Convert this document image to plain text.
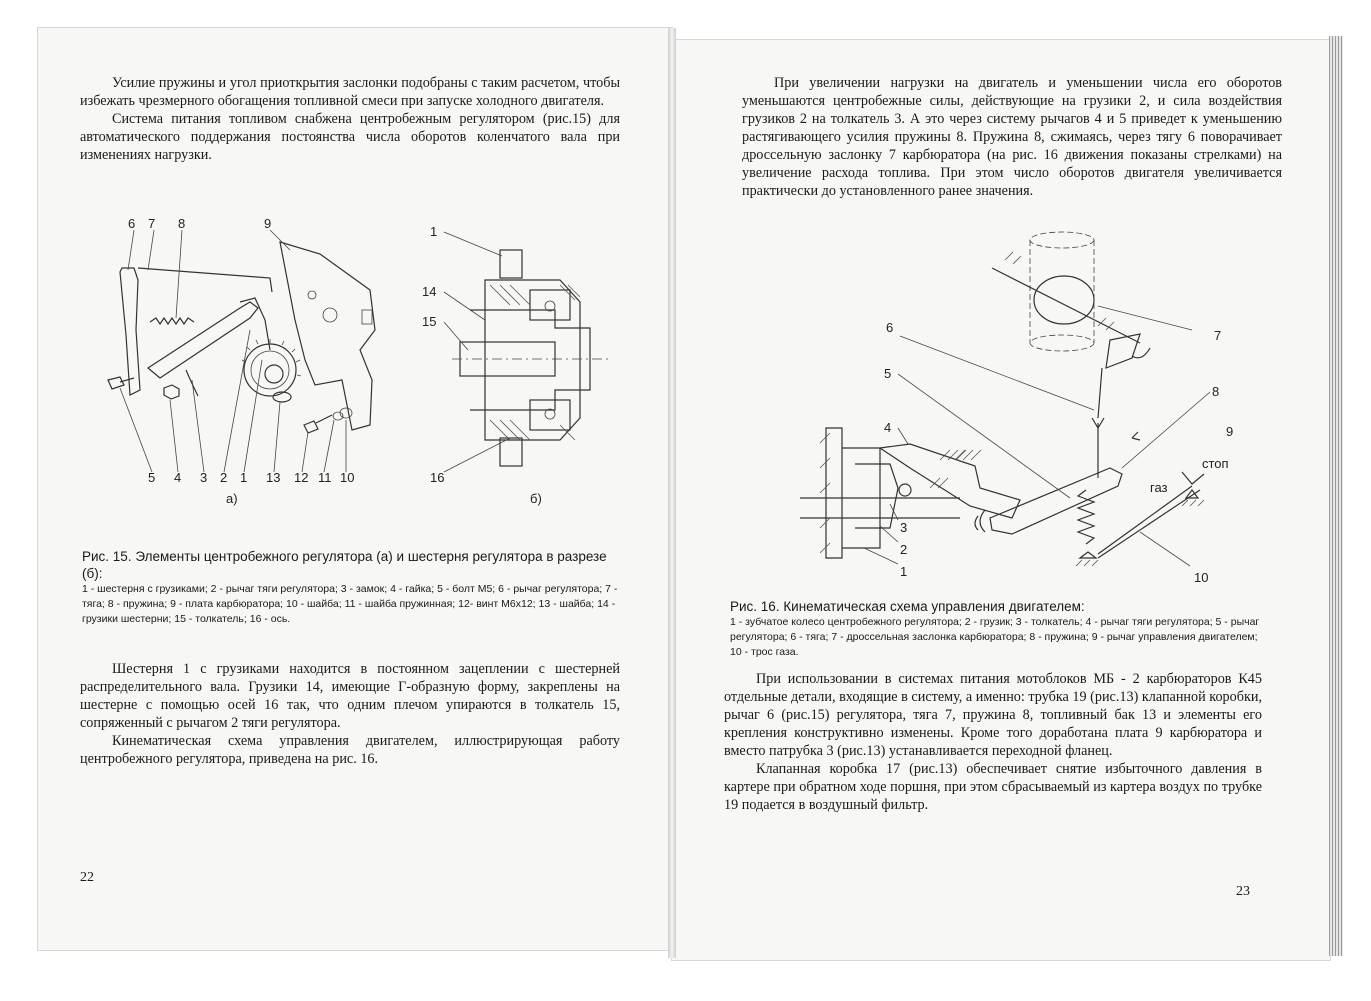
Усилие пружины и угол приоткрытия заслонки подобраны с таким расчетом, чтобы избежать чрезмерного обогащения топливной смеси при запуске холодного двигателя.

Система питания топливом снабжена центробежным регулятором (рис.15) для автоматического поддержания постоянства числа оборотов коленчатого вала при изменениях нагрузки.

6 7 8	9
5 4 3 2 1 13 12 11 10
а)
1
14
15
16
б)

Рис. 15. Элементы центробежного регулятора (а) и шестерня регулятора в разрезе (б):

1 - шестерня с грузиками; 2 - рычаг тяги регулятора; 3 - замок; 4 - гайка; 5 - болт М5; 6 - рычаг регулятора; 7 - тяга; 8 - пружина; 9 - плата карбюратора; 10 - шайба; 11 - шайба пружинная; 12- винт М6х12; 13 - шайба; 14 - грузики шестерни; 15 - толкатель; 16 - ось.

Шестерня 1 с грузиками находится в постоянном зацеплении с шестерней распределительного вала. Грузики 14, имеющие Г-образную форму, закреплены на шестерне с помощью осей 16 так, что одним плечом упираются в толкатель 15, сопряженный с рычагом 2 тяги регулятора.

Кинематическая схема управления двигателем, иллюстрирующая работу центробежного регулятора, приведена на рис. 16.

22

При увеличении нагрузки на двигатель и уменьшении числа его оборотов уменьшаются центробежные силы, действующие на грузики 2, и сила воздействия грузиков 2 на толкатель 3. А это через систему рычагов 4 и 5 приведет к уменьшению растягивающего усилия пружины 8. Пружина 8, сжимаясь, через тягу 6 поворачивает дроссельную заслонку 7 карбюратора (на рис. 16 движения показаны стрелками) на увеличение расхода топлива. При этом число оборотов двигателя увеличивается практически до установленного ранее значения.

6
7
5
8
4	9
3
2
1	10
стоп
газ

Рис. 16. Кинематическая схема управления двигателем:

1 - зубчатое колесо центробежного регулятора; 2 - грузик; 3 - толкатель; 4 - рычаг тяги регулятора; 5 - рычаг регулятора; 6 - тяга; 7 - дроссельная заслонка карбюратора; 8 - пружина; 9 - рычаг управления двигателем; 10 - трос газа.

При использовании в системах питания мотоблоков МБ - 2 карбюраторов К45 отдельные детали, входящие в систему, а именно: трубка 19 (рис.13) клапанной коробки, рычаг 6 (рис.15) регулятора, тяга 7, пружина 8, топливный бак 13 и элементы его крепления конструктивно изменены. Кроме того доработана плата 9 карбюратора и вместо патрубка 3 (рис.13) устанавливается переходной фланец.

Клапанная коробка 17 (рис.13) обеспечивает снятие избыточного давления в картере при обратном ходе поршня, при этом сбрасываемый из картера воздух по трубке 19 подается в воздушный фильтр.

23
